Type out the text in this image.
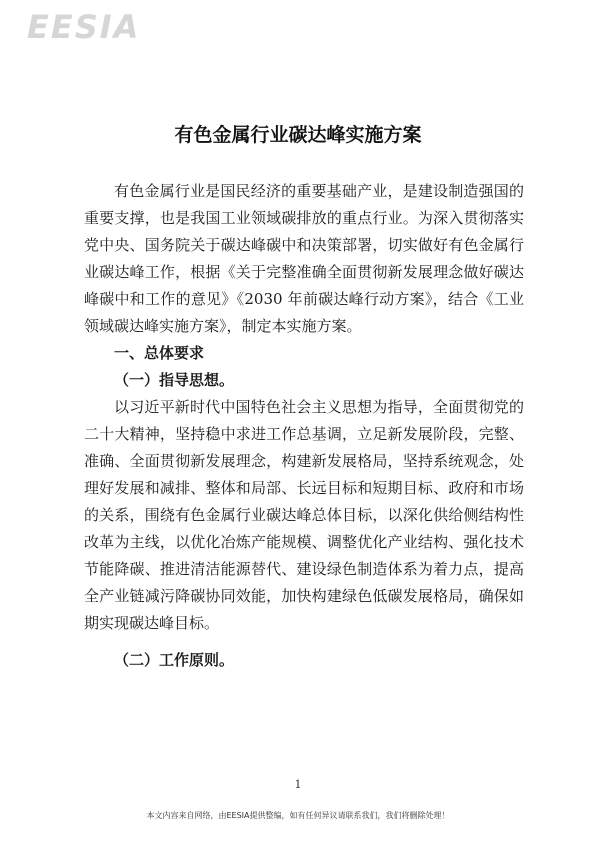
EESIA
有色金属行业碳达峰实施方案

有色金属行业是国民经济的重要基础产业，是建设制造强国的重要支撑，也是我国工业领域碳排放的重点行业。为深入贯彻落实党中央、国务院关于碳达峰碳中和决策部署，切实做好有色金属行业碳达峰工作，根据《关于完整准确全面贯彻新发展理念做好碳达峰碳中和工作的意见》《2030 年前碳达峰行动方案》，结合《工业领域碳达峰实施方案》，制定本实施方案。

一、总体要求

（一）指导思想。

以习近平新时代中国特色社会主义思想为指导，全面贯彻党的二十大精神，坚持稳中求进工作总基调，立足新发展阶段，完整、准确、全面贯彻新发展理念，构建新发展格局，坚持系统观念，处理好发展和减排、整体和局部、长远目标和短期目标、政府和市场的关系，围绕有色金属行业碳达峰总体目标，以深化供给侧结构性改革为主线，以优化冶炼产能规模、调整优化产业结构、强化技术节能降碳、推进清洁能源替代、建设绿色制造体系为着力点，提高全产业链减污降碳协同效能，加快构建绿色低碳发展格局，确保如期实现碳达峰目标。

（二）工作原则。

1
本文内容来自网络，由EESIA提供整编，如有任何异议请联系我们，我们将删除处理！
